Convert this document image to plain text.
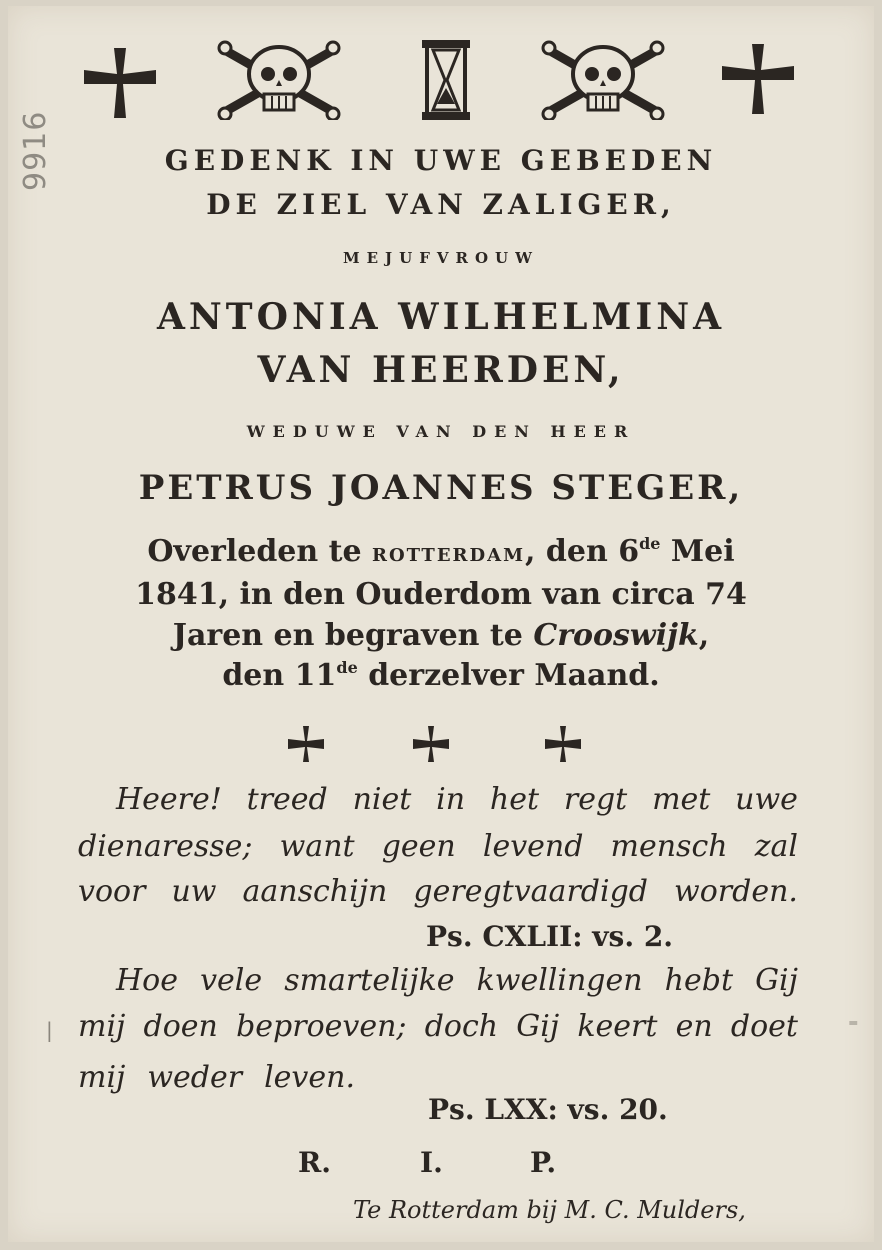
9916	GEDENK IN UWE GEBEDEN
DE ZIEL VAN ZALIGER,
MEJUFVROUW
ANTONIA WILHELMINA
VAN HEERDEN,
WEDUWE VAN DEN HEER
PETRUS JOANNES STEGER,
Overleden te ROTTERDAM, den 6de Mei
1841, in den Ouderdom van circa 74
Jaren en begraven te Crooswijk,
den 11de derzelver Maand.
Heere! treed niet in het regt met uwe
dienaresse; want geen levend mensch zal
voor uw aanschijn geregtvaardigd worden.
Ps. CXLII: vs. 2.
Hoe vele smartelijke kwellingen hebt Gij
mij doen beproeven; doch Gij keert en doet
mij weder leven.
Ps. LXX: vs. 20.
R.	I.	P.
Te Rotterdam bij M. C. Mulders,
|	⁼
